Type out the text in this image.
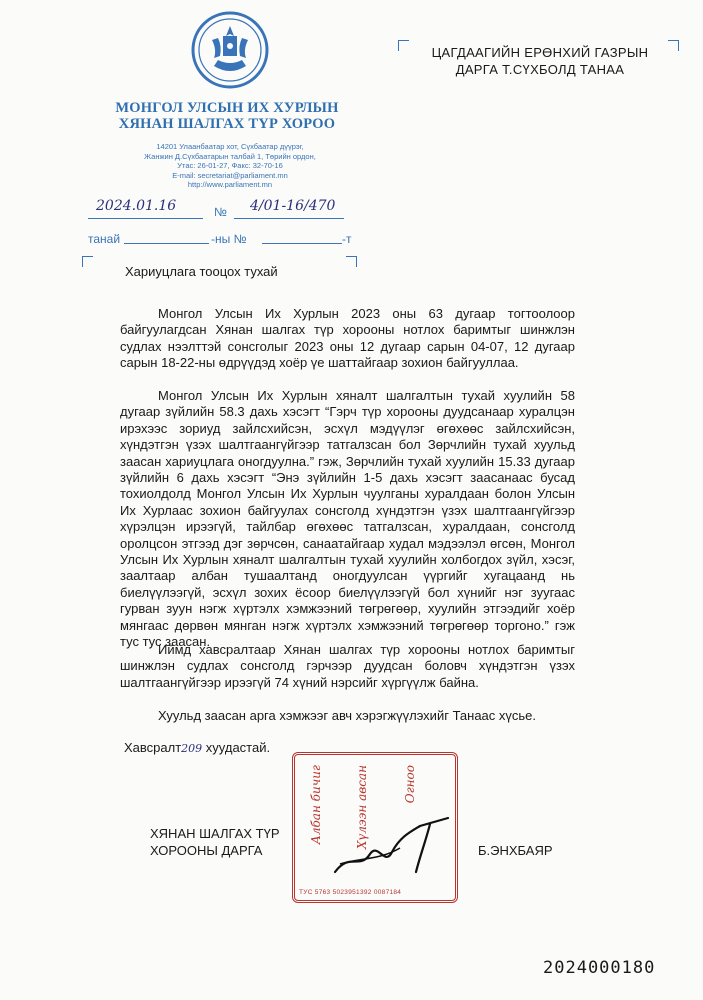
МОНГОЛ УЛСЫН ИХ ХУРЛЫН
ХЯНАН ШАЛГАХ ТҮР ХОРОО
14201 Улаанбаатар хот, Сүхбаатар дүүрэг,
Жанжин Д.Сүхбаатарын талбай 1, Төрийн ордон,
Утас: 26-01-27, Факс: 32-70-16
E-mail: secretariat@parliament.mn
http://www.parliament.mn
ЦАГДААГИЙН ЕРӨНХИЙ ГАЗРЫН
ДАРГА Т.СҮХБОЛД ТАНАА
2024.01.16	№ 4/01-16/470
танай	-ны №	-т
Хариуцлага тооцох тухай

Монгол Улсын Их Хурлын 2023 оны 63 дугаар тогтоолоор байгуулагдсан Хянан шалгах түр хорооны нотлох баримтыг шинжлэн судлах нээлттэй сонсголыг 2023 оны 12 дугаар сарын 04-07, 12 дугаар сарын 18-22-ны өдрүүдэд хоёр үе шаттайгаар зохион байгууллаа.

Монгол Улсын Их Хурлын хяналт шалгалтын тухай хуулийн 58 дугаар зүйлийн 58.3 дахь хэсэгт “Гэрч түр хорооны дуудсанаар хуралцэн ирэхээс зориуд зайлсхийсэн, эсхүл мэдүүлэг өгөхөөс зайлсхийсэн, хүндэтгэн үзэх шалтгаангүйгээр татгалзсан бол Зөрчлийн тухай хуульд заасан хариуцлага оногдуулна.” гэж, Зөрчлийн тухай хуулийн 15.33 дугаар зүйлийн 6 дахь хэсэгт “Энэ зүйлийн 1-5 дахь хэсэгт заасанаас бусад тохиолдолд Монгол Улсын Их Хурлын чуулганы хуралдаан болон Улсын Их Хурлаас зохион байгуулах сонсголд хүндэтгэн үзэх шалтгаангүйгээр хүрэлцэн ирээгүй, тайлбар өгөхөөс татгалзсан, хуралдаан, сонсголд оролцсон этгээд дэг зөрчсөн, санаатайгаар худал мэдээлэл өгсөн, Монгол Улсын Их Хурлын хяналт шалгалтын тухай хуулийн холбогдох зүйл, хэсэг, заалтаар албан тушаалтанд оногдуулсан үүргийг хугацаанд нь биелүүлээгүй, эсхүл зохих ёсоор биелүүлээгүй бол хүнийг нэг зуугаас гурван зуун нэгж хүртэлх хэмжээний төгрөгөөр, хуулийн этгээдийг хоёр мянгаас дөрвөн мянган нэгж хүртэлх хэмжээний төгрөгөөр торгоно.” гэж тус тус заасан.

Иймд хавсралтаар Хянан шалгах түр хорооны нотлох баримтыг шинжлэн судлах сонсголд гэрчээр дуудсан боловч хүндэтгэн үзэх шалтгаангүйгээр ирээгүй 74 хүний нэрсийг хүргүүлж байна.

Хуульд заасан арга хэмжээг авч хэрэгжүүлэхийг Танаас хүсье.

Хавсралт209 хуудастай.
Албан бичиг	Хүлээн авсан	Огноо
ТУС 5763 5023951392 0087184
ХЯНАН ШАЛГАХ ТҮР
ХОРООНЫ ДАРГА	Б.ЭНХБАЯР
2024000180
